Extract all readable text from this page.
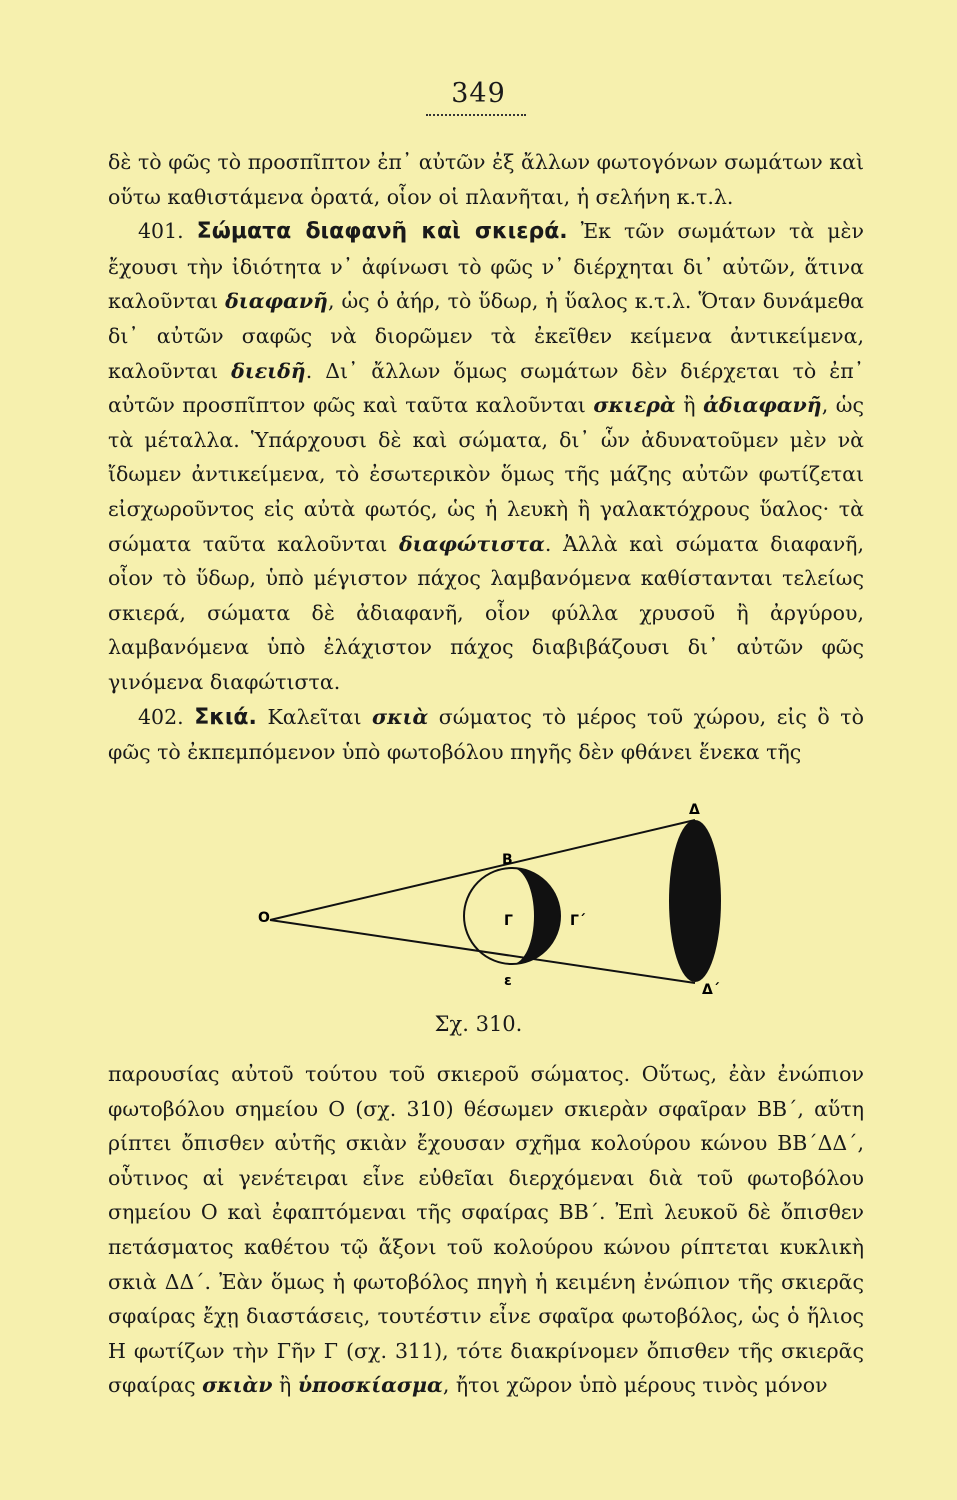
349

δὲ τὸ φῶς τὸ προσπῖπτον ἐπ᾽ αὐτῶν ἐξ ἄλλων φωτογόνων σωμάτων καὶ οὕτω καθιστάμενα ὁρατά, οἷον οἱ πλανῆται, ἡ σελήνη κ.τ.λ.

401. Σώματα διαφανῆ καὶ σκιερά. Ἐκ τῶν σωμάτων τὰ μὲν ἔχουσι τὴν ἰδιότητα ν᾽ ἀφίνωσι τὸ φῶς ν᾽ διέρχηται δι᾽ αὐτῶν, ἅτινα καλοῦνται διαφανῆ, ὡς ὁ ἀήρ, τὸ ὕδωρ, ἡ ὕαλος κ.τ.λ. Ὅταν δυνάμεθα δι᾽ αὐτῶν σαφῶς νὰ διορῶμεν τὰ ἐκεῖθεν κείμενα ἀντικείμενα, καλοῦνται διειδῆ. Δι᾽ ἄλλων ὅμως σωμάτων δὲν διέρχεται τὸ ἐπ᾽ αὐτῶν προσπῖπτον φῶς καὶ ταῦτα καλοῦνται σκιερὰ ἢ ἀδιαφανῆ, ὡς τὰ μέταλλα. Ὑπάρχουσι δὲ καὶ σώματα, δι᾽ ὧν ἀδυνατοῦμεν μὲν νὰ ἴδωμεν ἀντικείμενα, τὸ ἐσωτερικὸν ὅμως τῆς μάζης αὐτῶν φωτίζεται εἰσχωροῦντος εἰς αὐτὰ φωτός, ὡς ἡ λευκὴ ἢ γαλακτόχρους ὕαλος· τὰ σώματα ταῦτα καλοῦνται διαφώτιστα. Ἀλλὰ καὶ σώματα διαφανῆ, οἷον τὸ ὕδωρ, ὑπὸ μέγιστον πάχος λαμβανόμενα καθίστανται τελείως σκιερά, σώματα δὲ ἀδιαφανῆ, οἷον φύλλα χρυσοῦ ἢ ἀργύρου, λαμβανόμενα ὑπὸ ἐλάχιστον πάχος διαβιβάζουσι δι᾽ αὐτῶν φῶς γινόμενα διαφώτιστα.

402. Σκιά. Καλεῖται σκιὰ σώματος τὸ μέρος τοῦ χώρου, εἰς ὃ τὸ φῶς τὸ ἐκπεμπόμενον ὑπὸ φωτοβόλου πηγῆς δὲν φθάνει ἕνεκα τῆς

O
B
Γ	Γ´
ε
Δ
Δ´
Σχ. 310.

παρουσίας αὐτοῦ τούτου τοῦ σκιεροῦ σώματος. Οὕτως, ἐὰν ἐνώπιον φωτοβόλου σημείου O (σχ. 310) θέσωμεν σκιερὰν σφαῖραν ΒΒ´, αὕτη ρίπτει ὄπισθεν αὐτῆς σκιὰν ἔχουσαν σχῆμα κολούρου κώνου ΒΒ´ΔΔ´, οὗτινος αἱ γενέτειραι εἶνε εὐθεῖαι διερχόμεναι διὰ τοῦ φωτοβόλου σημείου O καὶ ἐφαπτόμεναι τῆς σφαίρας ΒΒ´. Ἐπὶ λευκοῦ δὲ ὄπισθεν πετάσματος καθέτου τῷ ἄξονι τοῦ κολούρου κώνου ρίπτεται κυκλικὴ σκιὰ ΔΔ´. Ἐὰν ὅμως ἡ φωτοβόλος πηγὴ ἡ κειμένη ἐνώπιον τῆς σκιερᾶς σφαίρας ἔχῃ διαστάσεις, τουτέστιν εἶνε σφαῖρα φωτοβόλος, ὡς ὁ ἥλιος Η φωτίζων τὴν Γῆν Γ (σχ. 311), τότε διακρίνομεν ὄπισθεν τῆς σκιερᾶς σφαίρας σκιὰν ἢ ὑποσκίασμα, ἤτοι χῶρον ὑπὸ μέρους τινὸς μόνον
